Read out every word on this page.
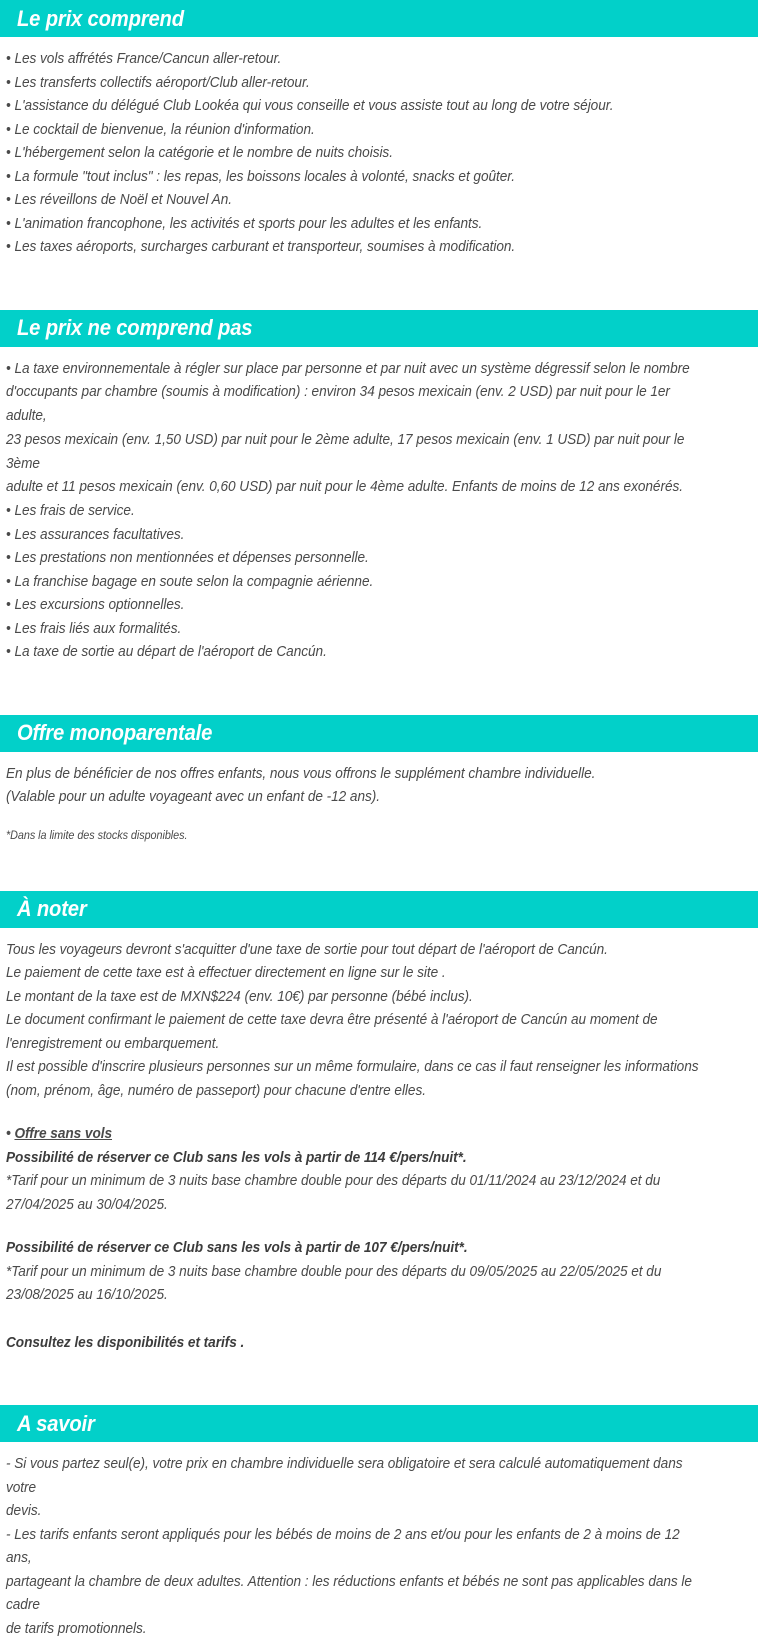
Le prix comprend
• Les vols affrétés France/Cancun aller-retour.
• Les transferts collectifs aéroport/Club aller-retour.
• L'assistance du délégué Club Lookéa qui vous conseille et vous assiste tout au long de votre séjour.
• Le cocktail de bienvenue, la réunion d'information.
• L'hébergement selon la catégorie et le nombre de nuits choisis.
• La formule "tout inclus" : les repas, les boissons locales à volonté, snacks et goûter.
• Les réveillons de Noël et Nouvel An.
• L'animation francophone, les activités et sports pour les adultes et les enfants.
• Les taxes aéroports, surcharges carburant et transporteur, soumises à modification.
Le prix ne comprend pas
• La taxe environnementale à régler sur place par personne et par nuit avec un système dégressif selon le nombre
d'occupants par chambre (soumis à modification) : environ 34 pesos mexicain (env. 2 USD) par nuit pour le 1er adulte,
23 pesos mexicain (env. 1,50 USD) par nuit pour le 2ème adulte, 17 pesos mexicain (env. 1 USD) par nuit pour le 3ème
adulte et 11 pesos mexicain (env. 0,60 USD) par nuit pour le 4ème adulte. Enfants de moins de 12 ans exonérés.
• Les frais de service.
• Les assurances facultatives.
• Les prestations non mentionnées et dépenses personnelle.
• La franchise bagage en soute selon la compagnie aérienne.
• Les excursions optionnelles.
• Les frais liés aux formalités.
• La taxe de sortie au départ de l'aéroport de Cancún.
Offre monoparentale
En plus de bénéficier de nos offres enfants, nous vous offrons le supplément chambre individuelle.
(Valable pour un adulte voyageant avec un enfant de -12 ans).
*Dans la limite des stocks disponibles.
À noter
Tous les voyageurs devront s'acquitter d'une taxe de sortie pour tout départ de l'aéroport de Cancún.
Le paiement de cette taxe est à effectuer directement en ligne sur le site .
Le montant de la taxe est de MXN$224 (env. 10€) par personne (bébé inclus).
Le document confirmant le paiement de cette taxe devra être présenté à l'aéroport de Cancún au moment de
l'enregistrement ou embarquement.
Il est possible d'inscrire plusieurs personnes sur un même formulaire, dans ce cas il faut renseigner les informations
(nom, prénom, âge, numéro de passeport) pour chacune d'entre elles.
• Offre sans vols
Possibilité de réserver ce Club sans les vols à partir de 114 €/pers/nuit*.
*Tarif pour un minimum de 3 nuits base chambre double pour des départs du 01/11/2024 au 23/12/2024 et du
27/04/2025 au 30/04/2025.
Possibilité de réserver ce Club sans les vols à partir de 107 €/pers/nuit*.
*Tarif pour un minimum de 3 nuits base chambre double pour des départs du 09/05/2025 au 22/05/2025 et du
23/08/2025 au 16/10/2025.
Consultez les disponibilités et tarifs .
A savoir
- Si vous partez seul(e), votre prix en chambre individuelle sera obligatoire et sera calculé automatiquement dans votre
devis.
- Les tarifs enfants seront appliqués pour les bébés de moins de 2 ans et/ou pour les enfants de 2 à moins de 12 ans,
partageant la chambre de deux adultes. Attention : les réductions enfants et bébés ne sont pas applicables dans le cadre
de tarifs promotionnels.
